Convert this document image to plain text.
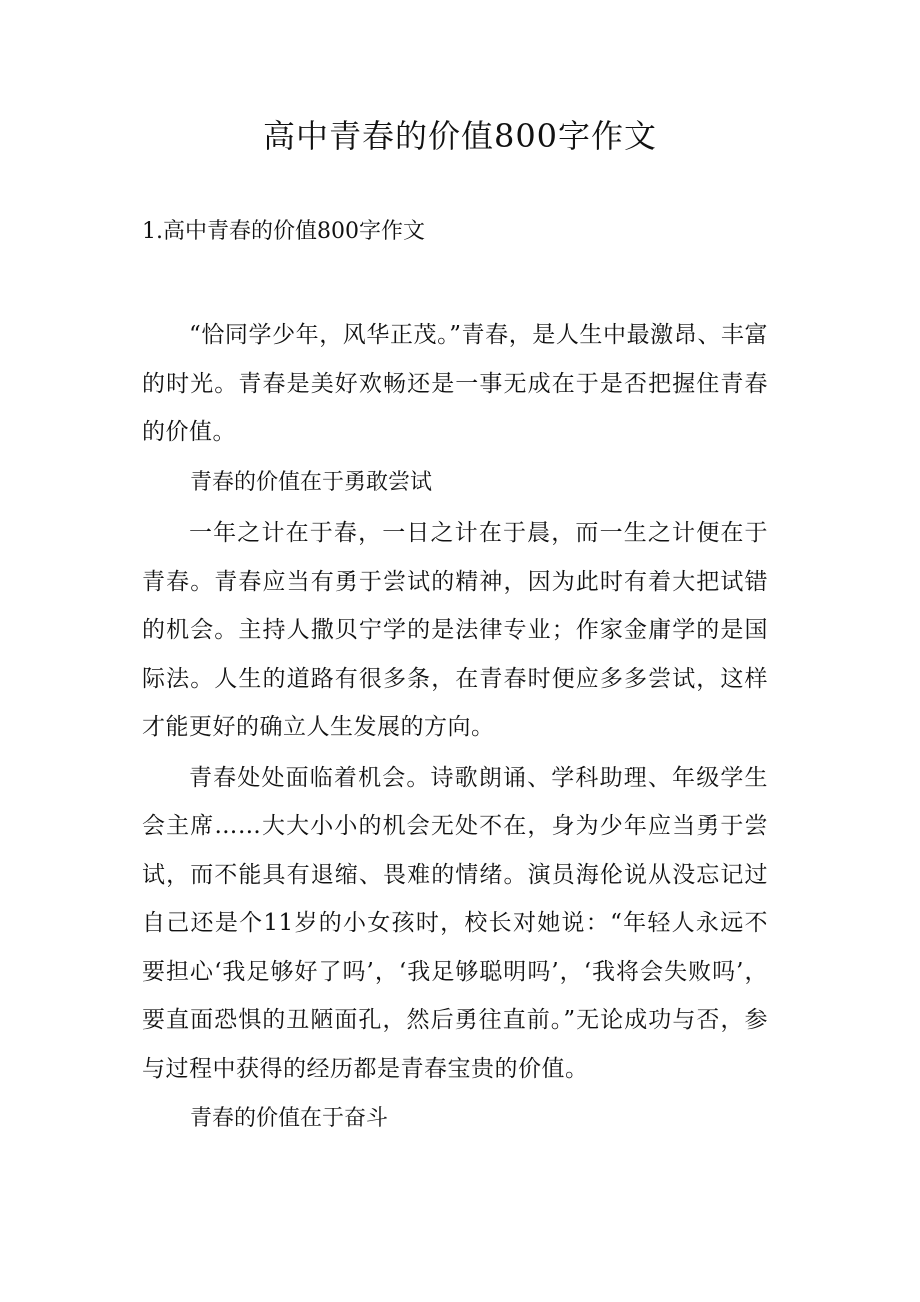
高中青春的价值800字作文
1.高中青春的价值800字作文

“恰同学少年，风华正茂。”青春，是人生中最激昂、丰富的时光。青春是美好欢畅还是一事无成在于是否把握住青春的价值。

青春的价值在于勇敢尝试

一年之计在于春，一日之计在于晨，而一生之计便在于青春。青春应当有勇于尝试的精神，因为此时有着大把试错的机会。主持人撒贝宁学的是法律专业；作家金庸学的是国际法。人生的道路有很多条，在青春时便应多多尝试，这样才能更好的确立人生发展的方向。

青春处处面临着机会。诗歌朗诵、学科助理、年级学生会主席……大大小小的机会无处不在，身为少年应当勇于尝试，而不能具有退缩、畏难的情绪。演员海伦说从没忘记过自己还是个11岁的小女孩时，校长对她说：“年轻人永远不要担心‘我足够好了吗’，‘我足够聪明吗’，‘我将会失败吗’，要直面恐惧的丑陋面孔，然后勇往直前。”无论成功与否，参与过程中获得的经历都是青春宝贵的价值。

青春的价值在于奋斗
